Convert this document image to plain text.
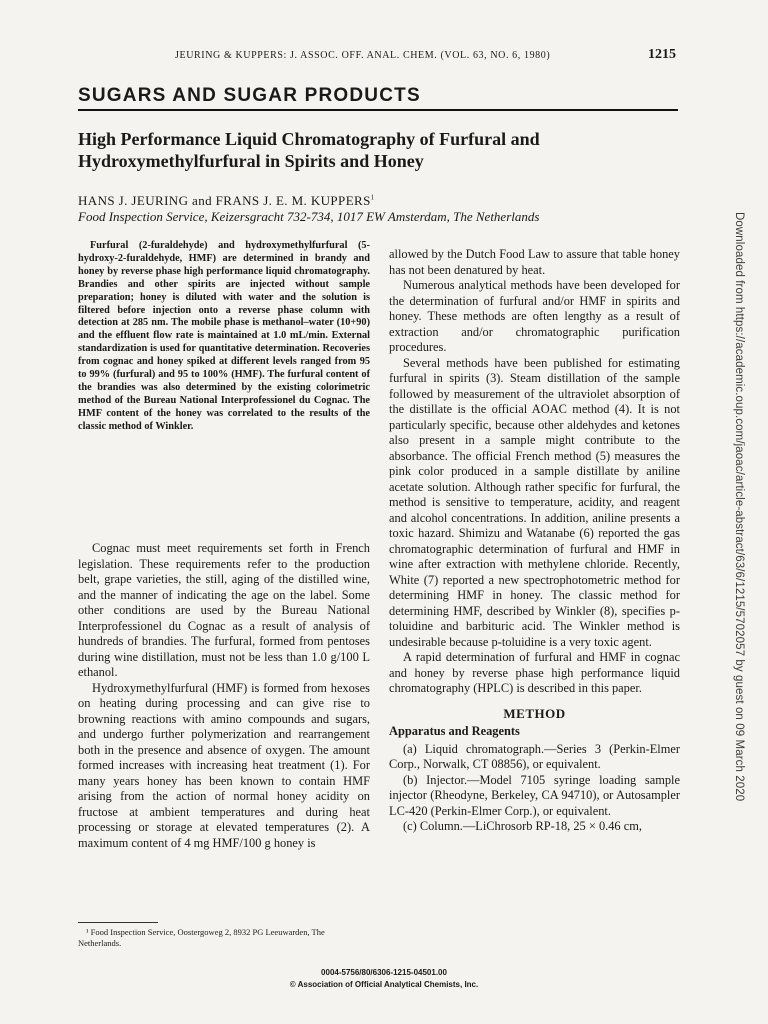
JEURING & KUPPERS: J. ASSOC. OFF. ANAL. CHEM. (VOL. 63, NO. 6, 1980)	1215
SUGARS AND SUGAR PRODUCTS
High Performance Liquid Chromatography of Furfural and Hydroxymethylfurfural in Spirits and Honey
HANS J. JEURING and FRANS J. E. M. KUPPERS$^1$
Food Inspection Service, Keizersgracht 732-734, 1017 EW Amsterdam, The Netherlands

Furfural (2-furaldehyde) and hydroxymethylfurfural (5-hydroxy-2-furaldehyde, HMF) are determined in brandy and honey by reverse phase high performance liquid chromatography. Brandies and other spirits are injected without sample preparation; honey is diluted with water and the solution is filtered before injection onto a reverse phase column with detection at 285 nm. The mobile phase is methanol–water (10+90) and the effluent flow rate is maintained at 1.0 mL/min. External standardization is used for quantitative determination. Recoveries from cognac and honey spiked at different levels ranged from 95 to 99% (furfural) and 95 to 100% (HMF). The furfural content of the brandies was also determined by the existing colorimetric method of the Bureau National Interprofessionel du Cognac. The HMF content of the honey was correlated to the results of the classic method of Winkler.

Cognac must meet requirements set forth in French legislation. These requirements refer to the production belt, grape varieties, the still, aging of the distilled wine, and the manner of indicating the age on the label. Some other conditions are used by the Bureau National Interprofessionel du Cognac as a result of analysis of hundreds of brandies. The furfural, formed from pentoses during wine distillation, must not be less than 1.0 g/100 L ethanol.

Hydroxymethylfurfural (HMF) is formed from hexoses on heating during processing and can give rise to browning reactions with amino compounds and sugars, and undergo further polymerization and rearrangement both in the presence and absence of oxygen. The amount formed increases with increasing heat treatment (1). For many years honey has been known to contain HMF arising from the action of normal honey acidity on fructose at ambient temperatures and during heat processing or storage at elevated temperatures (2). A maximum content of 4 mg HMF/100 g honey is

allowed by the Dutch Food Law to assure that table honey has not been denatured by heat.

Numerous analytical methods have been developed for the determination of furfural and/or HMF in spirits and honey. These methods are often lengthy as a result of extraction and/or chromatographic purification procedures.

Several methods have been published for estimating furfural in spirits (3). Steam distillation of the sample followed by measurement of the ultraviolet absorption of the distillate is the official AOAC method (4). It is not particularly specific, because other aldehydes and ketones also present in a sample might contribute to the absorbance. The official French method (5) measures the pink color produced in a sample distillate by aniline acetate solution. Although rather specific for furfural, the method is sensitive to temperature, acidity, and reagent and alcohol concentrations. In addition, aniline presents a toxic hazard. Shimizu and Watanabe (6) reported the gas chromatographic determination of furfural and HMF in wine after extraction with methylene chloride. Recently, White (7) reported a new spectrophotometric method for determining HMF in honey. The classic method for determining HMF, described by Winkler (8), specifies p-toluidine and barbituric acid. The Winkler method is undesirable because p-toluidine is a very toxic agent.

A rapid determination of furfural and HMF in cognac and honey by reverse phase high performance liquid chromatography (HPLC) is described in this paper.

METHOD
Apparatus and Reagents

(a) Liquid chromatograph.—Series 3 (Perkin-Elmer Corp., Norwalk, CT 08856), or equivalent.

(b) Injector.—Model 7105 syringe loading sample injector (Rheodyne, Berkeley, CA 94710), or Autosampler LC-420 (Perkin-Elmer Corp.), or equivalent.

(c) Column.—LiChrosorb RP-18, 25 × 0.46 cm,

¹ Food Inspection Service, Oostergoweg 2, 8932 PG Leeuwarden, The Netherlands.
0004-5756/80/6306-1215-04501.00
© Association of Official Analytical Chemists, Inc.
Downloaded from https://academic.oup.com/jaoac/article-abstract/63/6/1215/5702057 by guest on 09 March 2020
